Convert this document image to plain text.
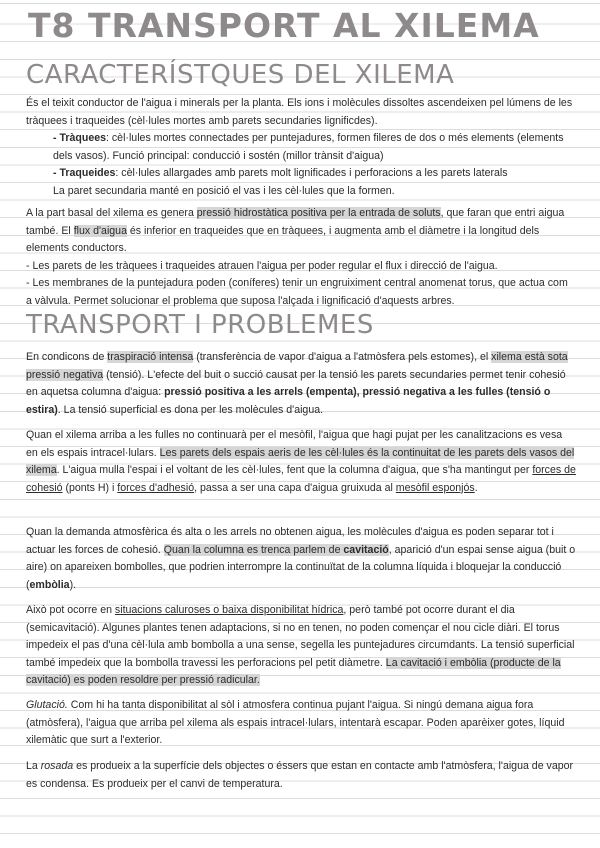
T8 TRANSPORT AL XILEMA
CARACTERÍSTQUES DEL XILEMA

És el teixit conductor de l'aigua i minerals per la planta. Els ions i molècules dissoltes ascendeixen pel lúmens de les tràquees i traqueides (cèl·lules mortes amb parets secundaries lignificdes).

- Tràquees: cèl·lules mortes connectades per puntejadures, formen fileres de dos o més elements (elements dels vasos). Funció principal: conducció i sostén (millor trànsit d'aigua)

- Traqueides: cèl·lules allargades amb parets molt lignificades i perforacions a les parets laterals

La paret secundaria manté en posició el vas i les cèl·lules que la formen.

A la part basal del xilema es genera pressió hidrostàtica positiva per la entrada de soluts, que faran que entri aigua també. El flux d'aigua és inferior en traqueides que en tràquees, i augmenta amb el diàmetre i la longitud dels elements conductors.

- Les parets de les tràquees i traqueides atrauen l'aigua per poder regular el flux i direcció de l'aigua.

- Les membranes de la puntejadura poden (coníferes) tenir un engruiximent central anomenat torus, que actua com a vàlvula. Permet solucionar el problema que suposa l'alçada i lignificació d'aquests arbres.

TRANSPORT I PROBLEMES

En condicons de traspiració intensa (transferència de vapor d'aigua a l'atmòsfera pels estomes), el xilema està sota pressió negativa (tensió). L'efecte del buit o succió causat per la tensió les parets secundaries permet tenir cohesió en aquetsa columna d'aigua: pressió positiva a les arrels (empenta), pressió negativa a les fulles (tensió o estira). La tensió superficial es dona per les molècules d'aigua.

Quan el xilema arriba a les fulles no continuarà per el mesòfil, l'aigua que hagi pujat per les canalitzacions es vesa en els espais intracel·lulars. Les parets dels espais aeris de les cèl·lules és la continuitat de les parets dels vasos del xilema. L'aigua mulla l'espai i el voltant de les cèl·lules, fent que la columna d'aigua, que s'ha mantingut per forces de cohesió (ponts H) i forces d'adhesió, passa a ser una capa d'aigua gruixuda al mesòfil esponjós.

Quan la demanda atmosfèrica és alta o les arrels no obtenen aigua, les molècules d'aigua es poden separar tot i actuar les forces de cohesió. Quan la columna es trenca parlem de cavitació, aparició d'un espai sense aigua (buit o aire) on apareixen bombolles, que podrien interrompre la continuïtat de la columna líquida i bloquejar la conducció (embòlia).

Això pot ocorre en situacions caluroses o baixa disponibilitat hídrica, però també pot ocorre durant el dia (semicavitació). Algunes plantes tenen adaptacions, si no en tenen, no poden començar el nou cicle diàri. El torus impedeix el pas d'una cèl·lula amb bombolla a una sense, segella les puntejadures circumdants. La tensió superficial també impedeix que la bombolla travessi les perforacions pel petit diàmetre. La cavitació i embòlia (producte de la cavitació) es poden resoldre per pressió radicular.

Glutació. Com hi ha tanta disponibilitat al sòl i atmosfera continua pujant l'aigua. Si ningú demana aigua fora (atmòsfera), l'aigua que arriba pel xilema als espais intracel·lulars, intentarà escapar. Poden aparèixer gotes, líquid xilemàtic que surt a l'exterior.

La rosada es produeix a la superfície dels objectes o éssers que estan en contacte amb l'atmòsfera, l'aigua de vapor es condensa. Es produeix per el canvi de temperatura.
